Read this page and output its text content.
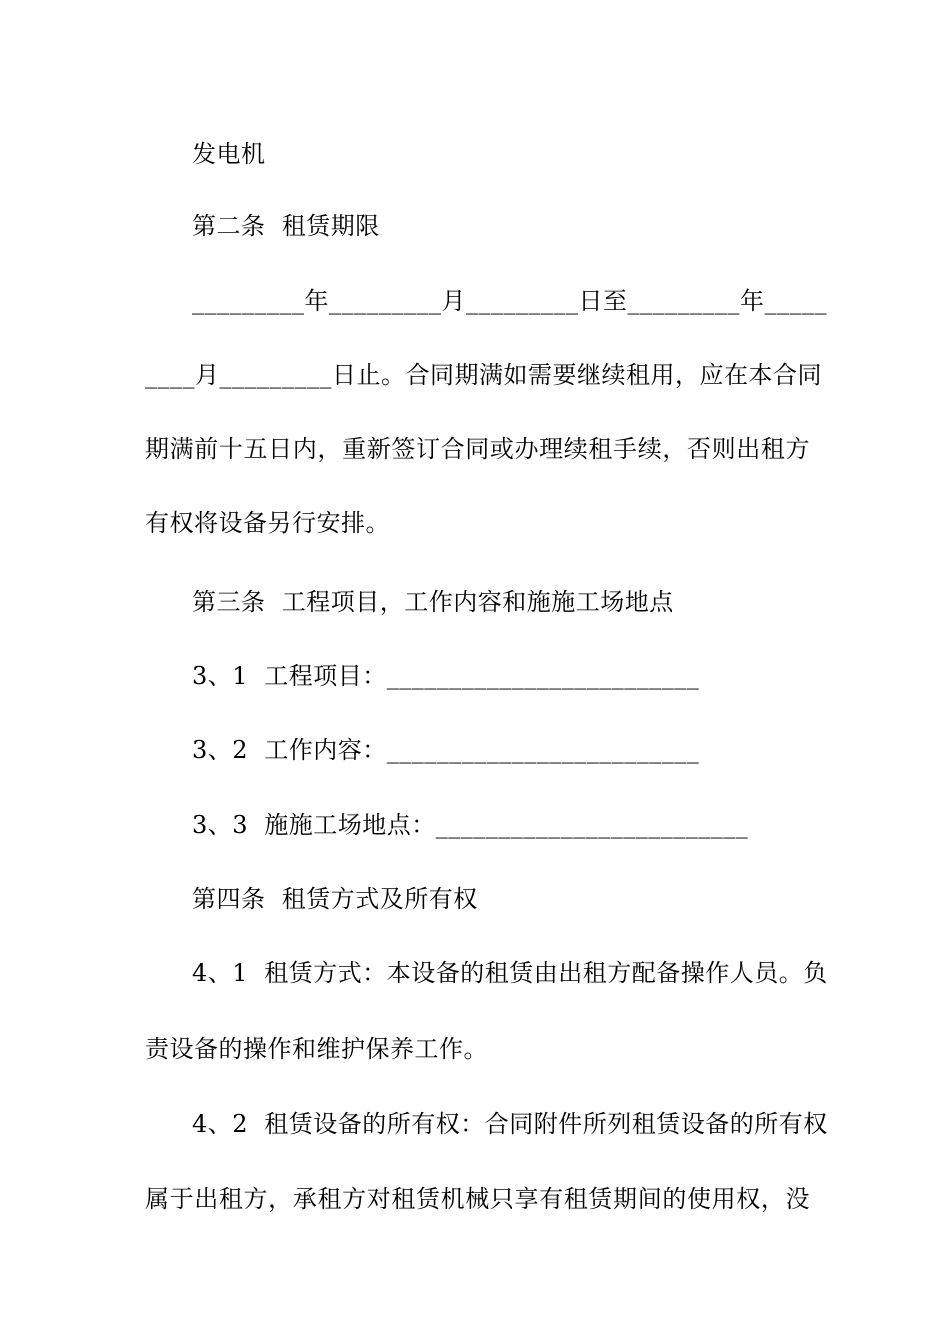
发电机
第二条  租赁期限
_________年_________月_________日至_________年_____
____月_________日止。合同期满如需要继续租用，应在本合同
期满前十五日内，重新签订合同或办理续租手续，否则出租方
有权将设备另行安排。
第三条  工程项目，工作内容和施施工场地点
3、1  工程项目：_________________________
3、2  工作内容：_________________________
3、3  施施工场地点：_________________________
第四条  租赁方式及所有权
4、1  租赁方式：本设备的租赁由出租方配备操作人员。负
责设备的操作和维护保养工作。
4、2  租赁设备的所有权：合同附件所列租赁设备的所有权
属于出租方，承租方对租赁机械只享有租赁期间的使用权，没
